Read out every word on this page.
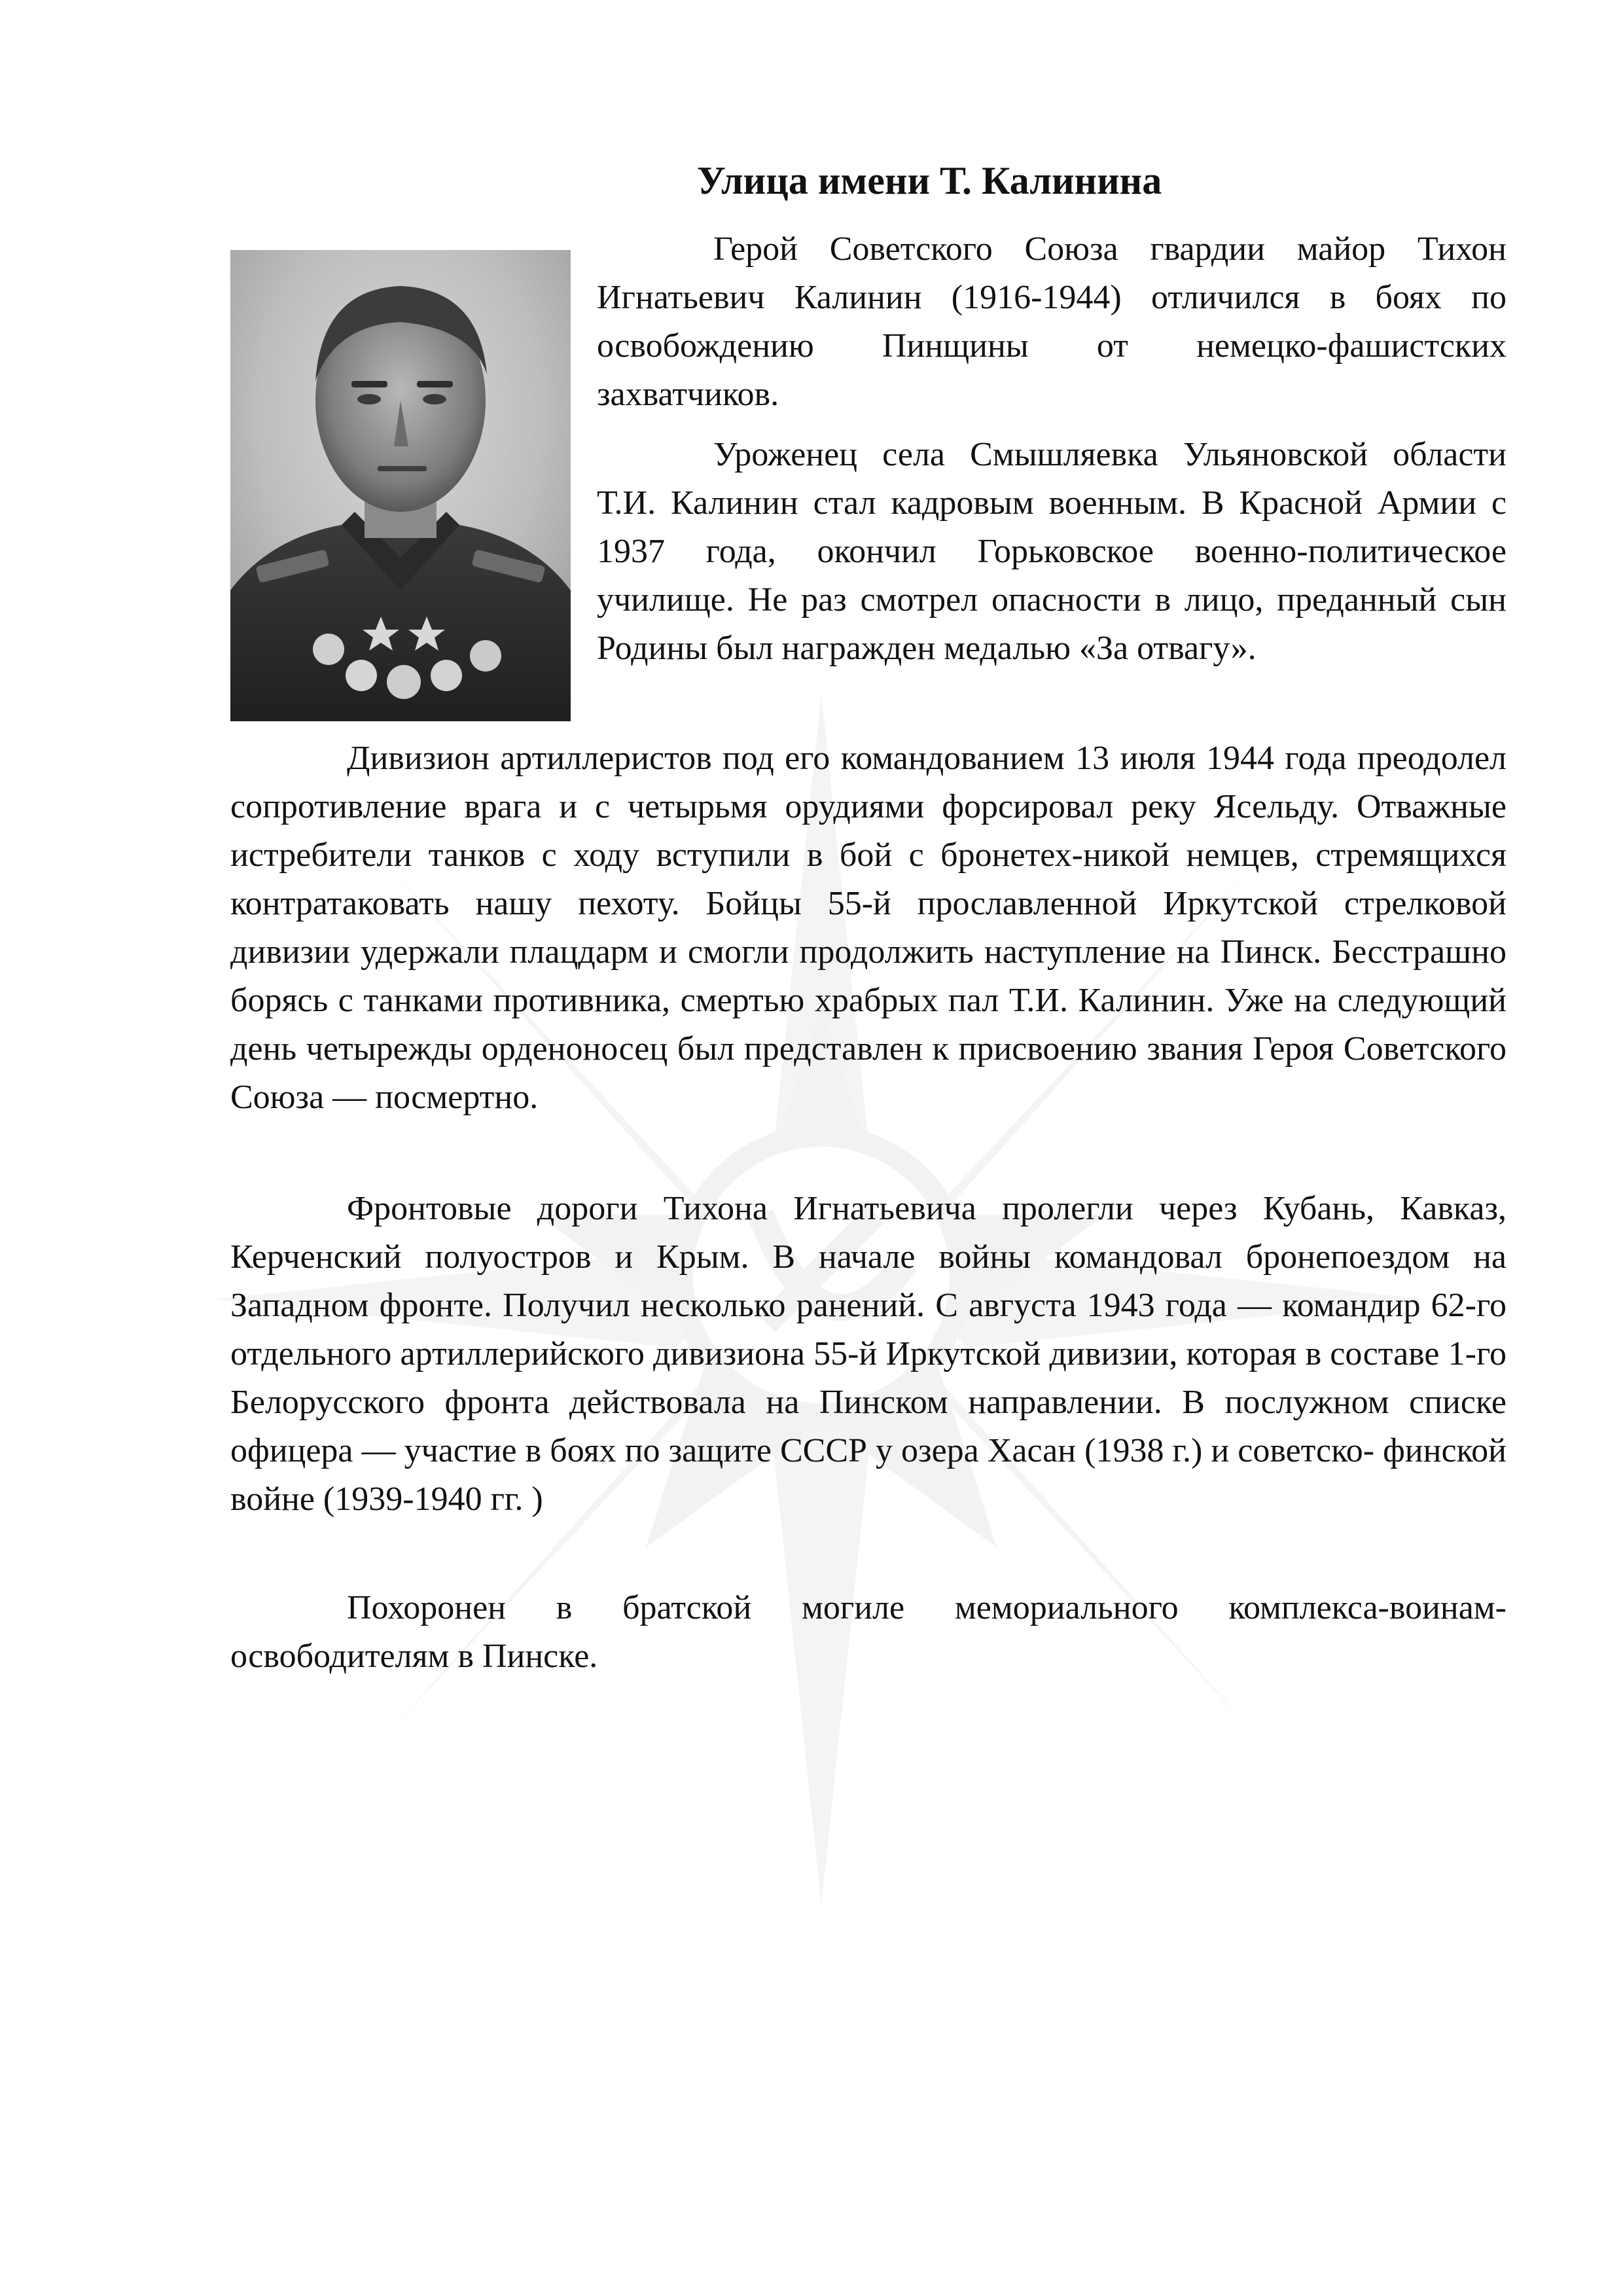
Улица имени Т. Калинина

Герой Советского Союза гвардии майор Тихон Игнатьевич Калинин (1916-1944) отличился в боях по освобождению Пинщины от немецко-фашистских захватчиков.

Уроженец села Смышляевка Ульяновской области Т.И. Калинин стал кадровым военным. В Красной Армии с 1937 года, окончил Горьковское военно-политическое училище. Не раз смотрел опасности в лицо, преданный сын Родины был награжден медалью «За отвагу».

Дивизион артиллеристов под его командованием 13 июля 1944 года преодолел сопротивление врага и с четырьмя орудиями форсировал реку Ясельду. Отважные истребители танков с ходу вступили в бой с бронетех-никой немцев, стремящихся контратаковать нашу пехоту. Бойцы 55-й прославленной Иркутской стрелковой дивизии удержали плацдарм и смогли продолжить наступление на Пинск. Бесстрашно борясь с танками противника, смертью храбрых пал Т.И. Калинин. Уже на следующий день четырежды орденоносец был представлен к присвоению звания Героя Советского Союза — посмертно.

Фронтовые дороги Тихона Игнатьевича пролегли через Кубань, Кавказ, Керченский полуостров и Крым. В начале войны командовал бронепоездом на Западном фронте. Получил несколько ранений. С августа 1943 года — командир 62-го отдельного артиллерийского дивизиона 55-й Иркутской дивизии, которая в составе 1-го Белорусского фронта действовала на Пинском направлении. В послужном списке офицера — участие в боях по защите СССР у озера Хасан (1938 г.) и советско- финской войне (1939-1940 гг. )

Похоронен в братской могиле мемориального комплекса-воинам-освободителям в Пинске.
